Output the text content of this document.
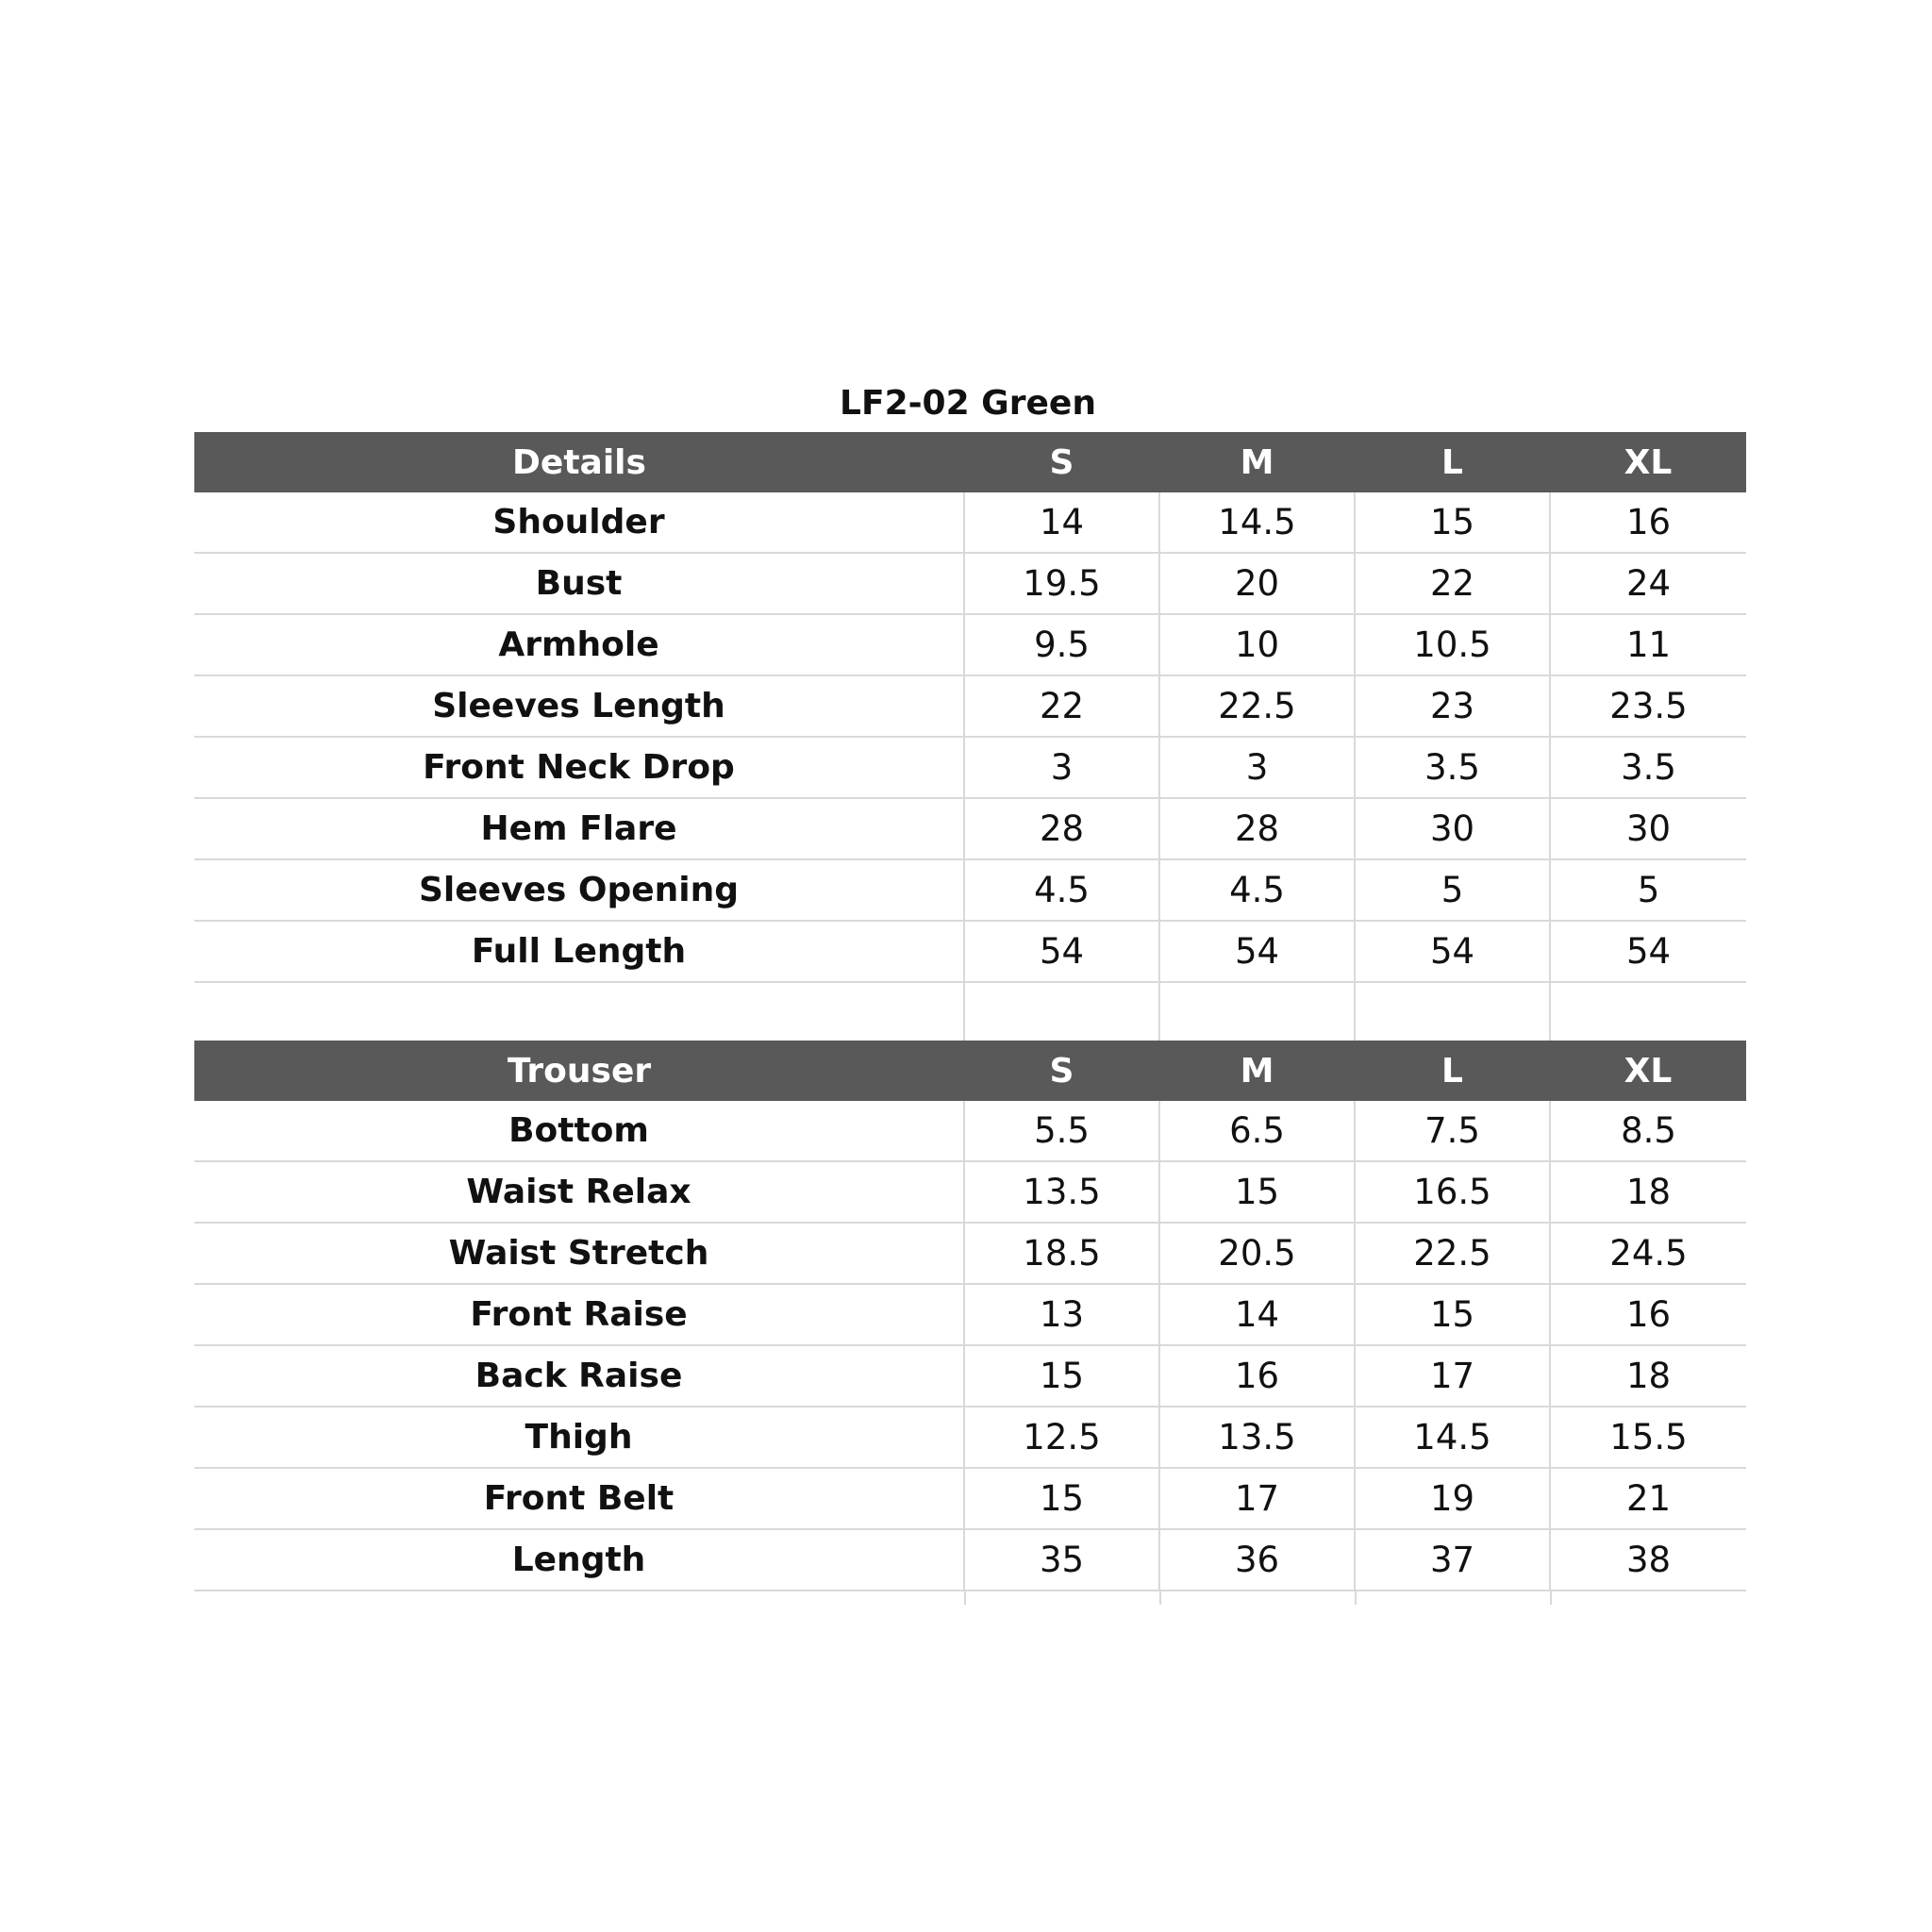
LF2-02 Green
Details	S	M	L	XL
Shoulder	14	14.5	15	16
Bust	19.5	20	22	24
Armhole	9.5	10	10.5	11
Sleeves Length	22	22.5	23	23.5
Front Neck Drop	3	3	3.5	3.5
Hem Flare	28	28	30	30
Sleeves Opening	4.5	4.5	5	5
Full Length	54	54	54	54

Trouser	S	M	L	XL
Bottom	5.5	6.5	7.5	8.5
Waist Relax	13.5	15	16.5	18
Waist Stretch	18.5	20.5	22.5	24.5
Front Raise	13	14	15	16
Back Raise	15	16	17	18
Thigh	12.5	13.5	14.5	15.5
Front Belt	15	17	19	21
Length	35	36	37	38
